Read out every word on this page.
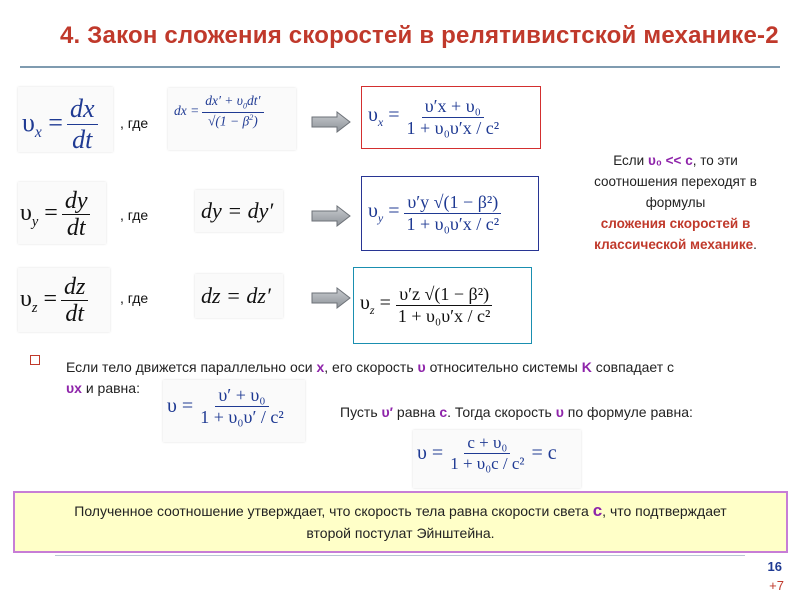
4. Закон сложения скоростей в релятивистской механике-2
$\upsilon_x = \frac{dx}{dt}$ , где
dx = $\frac{dx' + \upsilon_0dt'}{√(1 - \beta^2)}$	$\upsilon_x = \frac{\text{υ′x + υ₀}}{\text{1 + υ₀υ′x / c²}}$
Если υ₀ << c, то эти
соотношения переходят в
формулы
сложения скоростей в
классической механике.
$\upsilon_y = \frac{dy}{dt}$ , где dy = dy′	$\upsilon_y = \frac{\text{υ′y √(1 − β²)}}{\text{1 + υ₀υ′x / c²}}$
$\upsilon_z = \frac{dz}{dt}$ , где dz = dz′	$\upsilon_z = \frac{\text{υ′z √(1 − β²)}}{\text{1 + υ₀υ′x / c²}}$
Если тело движется параллельно оси x, его скорость υ относительно системы K совпадает с
υx и равна:
$\upsilon = \frac{\text{υ′ + υ₀}}{\text{1 + υ₀υ′ / c²}}$	Пусть υ′ равна с. Тогда скорость υ по формуле равна:
$\upsilon = \frac{\text{c + υ₀}}{\text{1 + υ₀c / c²}} = c$
Полученное соотношение утверждает, что скорость тела равна скорости света с, что подтверждает
второй постулат Эйнштейна.
16
+7
